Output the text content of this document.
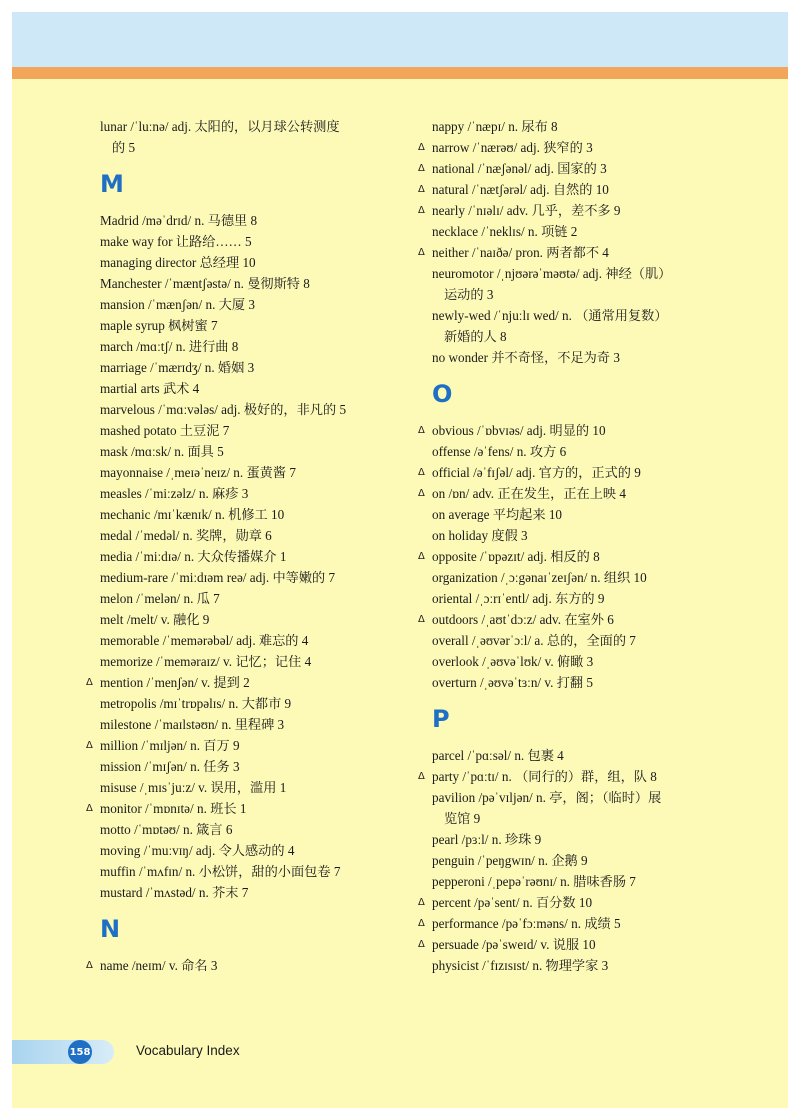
lunar /ˈluːnə/ adj. 太阳的，以月球公转测度
的 5
M
Madrid /məˈdrɪd/ n. 马德里 8
make way for 让路给…… 5
managing director 总经理 10
Manchester /ˈmæntʃəstə/ n. 曼彻斯特 8
mansion /ˈmænʃən/ n. 大厦 3
maple syrup 枫树蜜 7
march /mɑːtʃ/ n. 进行曲 8
marriage /ˈmærɪdʒ/ n. 婚姻 3
martial arts 武术 4
marvelous /ˈmɑːvələs/ adj. 极好的，非凡的 5
mashed potato 土豆泥 7
mask /mɑːsk/ n. 面具 5
mayonnaise /ˌmeɪəˈneɪz/ n. 蛋黄酱 7
measles /ˈmiːzəlz/ n. 麻疹 3
mechanic /mɪˈkænɪk/ n. 机修工 10
medal /ˈmedəl/ n. 奖牌，勋章 6
media /ˈmiːdɪə/ n. 大众传播媒介 1
medium-rare /ˈmiːdɪəm reə/ adj. 中等嫩的 7
melon /ˈmelən/ n. 瓜 7
melt /melt/ v. 融化 9
memorable /ˈmemərəbəl/ adj. 难忘的 4
memorize /ˈmeməraɪz/ v. 记忆；记住 4
Δ mention /ˈmenʃən/ v. 提到 2
metropolis /mɪˈtrɒpəlɪs/ n. 大都市 9
milestone /ˈmaɪlstəʊn/ n. 里程碑 3
Δ million /ˈmɪljən/ n. 百万 9
mission /ˈmɪʃən/ n. 任务 3
misuse /ˌmɪsˈjuːz/ v. 误用，滥用 1
Δ monitor /ˈmɒnɪtə/ n. 班长 1
motto /ˈmɒtəʊ/ n. 箴言 6
moving /ˈmuːvɪŋ/ adj. 令人感动的 4
muffin /ˈmʌfɪn/ n. 小松饼，甜的小面包卷 7
mustard /ˈmʌstəd/ n. 芥末 7
N
Δ name /neɪm/ v. 命名 3
nappy /ˈnæpɪ/ n. 尿布 8
Δ narrow /ˈnærəʊ/ adj. 狭窄的 3
Δ national /ˈnæʃənəl/ adj. 国家的 3
Δ natural /ˈnætʃərəl/ adj. 自然的 10
Δ nearly /ˈnɪəlɪ/ adv. 几乎，差不多 9
necklace /ˈneklɪs/ n. 项链 2
Δ neither /ˈnaɪðə/ pron. 两者都不 4
neuromotor /ˌnjʊərəˈməʊtə/ adj. 神经（肌）
运动的 3
newly-wed /ˈnjuːlɪ wed/ n. （通常用复数）
新婚的人 8
no wonder 并不奇怪，不足为奇 3
O
Δ obvious /ˈɒbvɪəs/ adj. 明显的 10
offense /əˈfens/ n. 攻方 6
Δ official /əˈfɪʃəl/ adj. 官方的，正式的 9
Δ on /ɒn/ adv. 正在发生，正在上映 4
on average 平均起来 10
on holiday 度假 3
Δ opposite /ˈɒpəzɪt/ adj. 相反的 8
organization /ˌɔːgənaɪˈzeɪʃən/ n. 组织 10
oriental /ˌɔːrɪˈentl/ adj. 东方的 9
Δ outdoors /ˌaʊtˈdɔːz/ adv. 在室外 6
overall /ˌəʊvərˈɔːl/ a. 总的，全面的 7
overlook /ˌəʊvəˈlʊk/ v. 俯瞰 3
overturn /ˌəʊvəˈtɜːn/ v. 打翻 5
P
parcel /ˈpɑːsəl/ n. 包裹 4
Δ party /ˈpɑːtɪ/ n. （同行的）群，组，队 8
pavilion /pəˈvɪljən/ n. 亭，阁；（临时）展
览馆 9
pearl /pɜːl/ n. 珍珠 9
penguin /ˈpeŋgwɪn/ n. 企鹅 9
pepperoni /ˌpepəˈrəʊnɪ/ n. 腊味香肠 7
Δ percent /pəˈsent/ n. 百分数 10
Δ performance /pəˈfɔːməns/ n. 成绩 5
Δ persuade /pəˈsweɪd/ v. 说服 10
physicist /ˈfɪzɪsɪst/ n. 物理学家 3
158	Vocabulary Index
